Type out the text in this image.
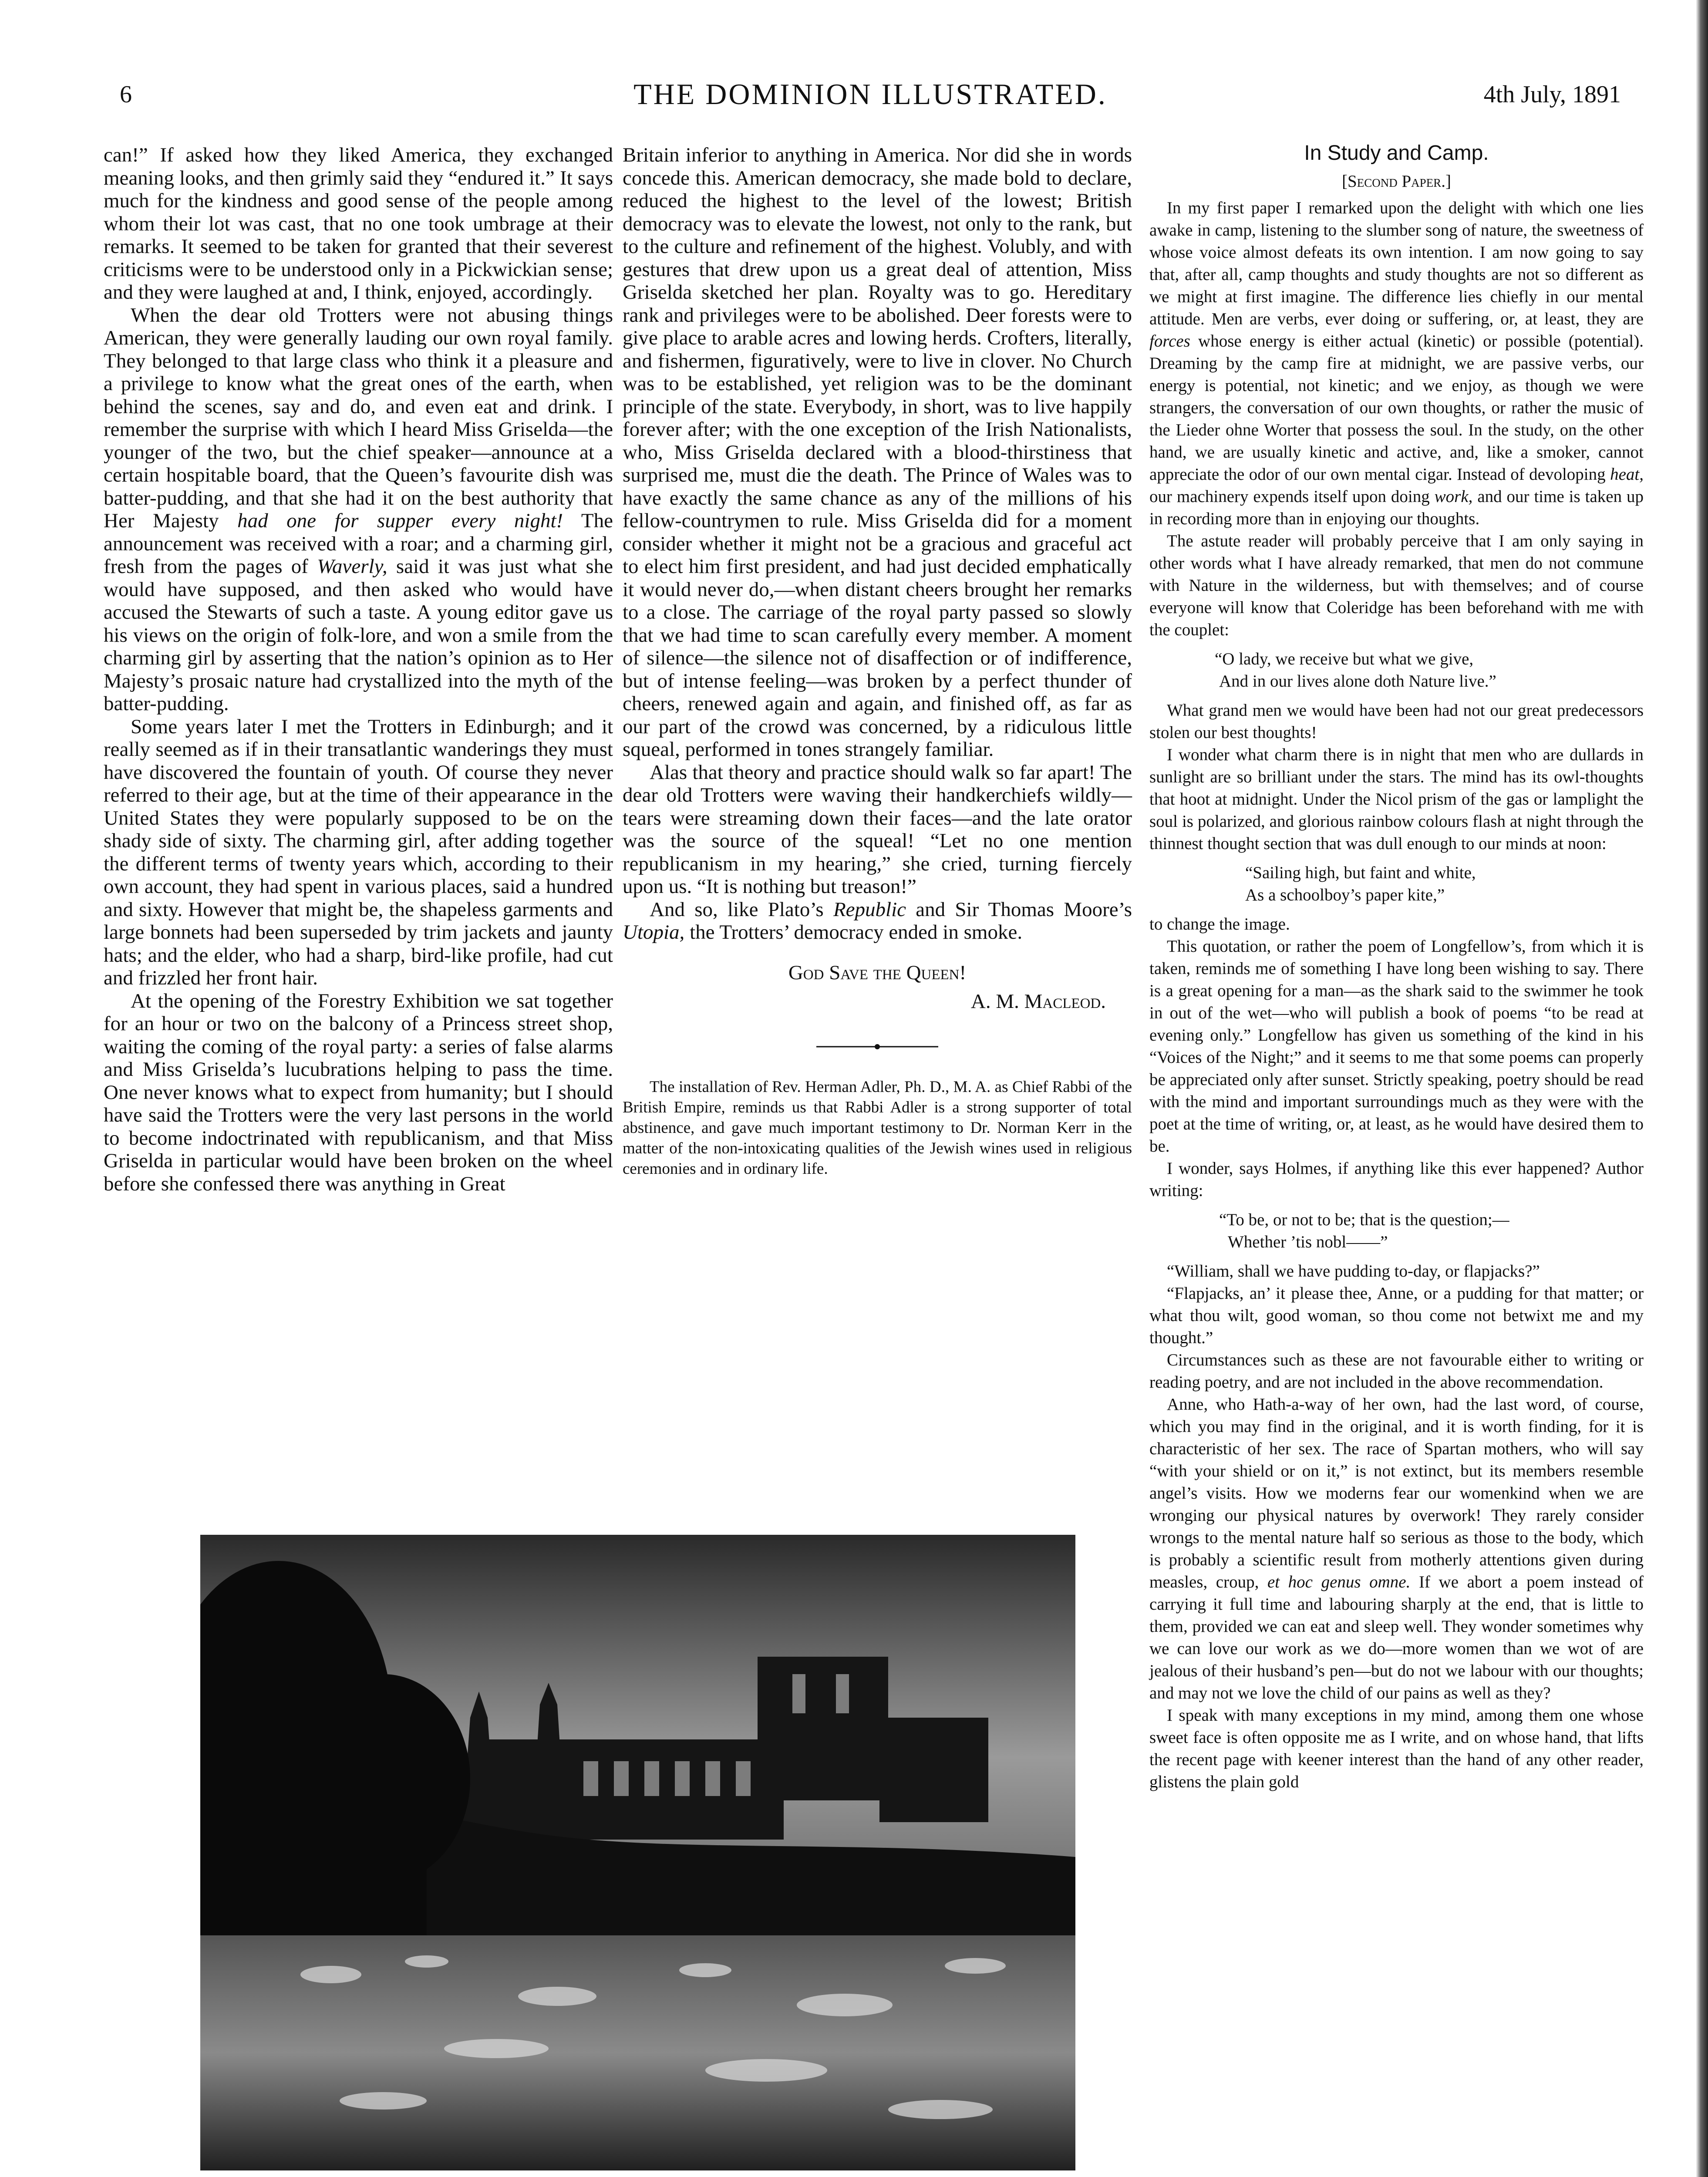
6	THE DOMINION ILLUSTRATED.	4th July, 1891

can!” If asked how they liked America, they exchanged meaning looks, and then grimly said they “endured it.” It says much for the kindness and good sense of the people among whom their lot was cast, that no one took umbrage at their remarks. It seemed to be taken for granted that their severest criticisms were to be understood only in a Pickwickian sense; and they were laughed at and, I think, enjoyed, accordingly.

When the dear old Trotters were not abusing things American, they were generally lauding our own royal family. They belonged to that large class who think it a pleasure and a privilege to know what the great ones of the earth, when behind the scenes, say and do, and even eat and drink. I remember the surprise with which I heard Miss Griselda—the younger of the two, but the chief speaker—announce at a certain hospitable board, that the Queen’s favourite dish was batter-pudding, and that she had it on the best authority that Her Majesty had one for supper every night! The announcement was received with a roar; and a charming girl, fresh from the pages of Waverly, said it was just what she would have supposed, and then asked who would have accused the Stewarts of such a taste. A young editor gave us his views on the origin of folk-lore, and won a smile from the charming girl by asserting that the nation’s opinion as to Her Majesty’s prosaic nature had crystallized into the myth of the batter-pudding.

Some years later I met the Trotters in Edinburgh; and it really seemed as if in their transatlantic wanderings they must have discovered the fountain of youth. Of course they never referred to their age, but at the time of their appearance in the United States they were popularly supposed to be on the shady side of sixty. The charming girl, after adding together the different terms of twenty years which, according to their own account, they had spent in various places, said a hundred and sixty. However that might be, the shapeless garments and large bonnets had been superseded by trim jackets and jaunty hats; and the elder, who had a sharp, bird-like profile, had cut and frizzled her front hair.

At the opening of the Forestry Exhibition we sat together for an hour or two on the balcony of a Princess street shop, waiting the coming of the royal party: a series of false alarms and Miss Griselda’s lucubrations helping to pass the time. One never knows what to expect from humanity; but I should have said the Trotters were the very last persons in the world to become indoctrinated with republicanism, and that Miss Griselda in particular would have been broken on the wheel before she confessed there was anything in Great

Britain inferior to anything in America. Nor did she in words concede this. American democracy, she made bold to declare, reduced the highest to the level of the lowest; British democracy was to elevate the lowest, not only to the rank, but to the culture and refinement of the highest. Volubly, and with gestures that drew upon us a great deal of attention, Miss Griselda sketched her plan. Royalty was to go. Hereditary rank and privileges were to be abolished. Deer forests were to give place to arable acres and lowing herds. Crofters, literally, and fishermen, figuratively, were to live in clover. No Church was to be established, yet religion was to be the dominant principle of the state. Everybody, in short, was to live happily forever after; with the one exception of the Irish Nationalists, who, Miss Griselda declared with a blood-thirstiness that surprised me, must die the death. The Prince of Wales was to have exactly the same chance as any of the millions of his fellow-countrymen to rule. Miss Griselda did for a moment consider whether it might not be a gracious and graceful act to elect him first president, and had just decided emphatically it would never do,—when distant cheers brought her remarks to a close. The carriage of the royal party passed so slowly that we had time to scan carefully every member. A moment of silence—the silence not of disaffection or of indifference, but of intense feeling—was broken by a perfect thunder of cheers, renewed again and again, and finished off, as far as our part of the crowd was concerned, by a ridiculous little squeal, performed in tones strangely familiar.

Alas that theory and practice should walk so far apart! The dear old Trotters were waving their handkerchiefs wildly—tears were streaming down their faces—and the late orator was the source of the squeal! “Let no one mention republicanism in my hearing,” she cried, turning fiercely upon us. “It is nothing but treason!”

And so, like Plato’s Republic and Sir Thomas Moore’s Utopia, the Trotters’ democracy ended in smoke.

God Save the Queen!

A. M. Macleod.

The installation of Rev. Herman Adler, Ph. D., M. A. as Chief Rabbi of the British Empire, reminds us that Rabbi Adler is a strong supporter of total abstinence, and gave much important testimony to Dr. Norman Kerr in the matter of the non-intoxicating qualities of the Jewish wines used in religious ceremonies and in ordinary life.

In Study and Camp.

[Second Paper.]

In my first paper I remarked upon the delight with which one lies awake in camp, listening to the slumber song of nature, the sweetness of whose voice almost defeats its own intention. I am now going to say that, after all, camp thoughts and study thoughts are not so different as we might at first imagine. The difference lies chiefly in our mental attitude. Men are verbs, ever doing or suffering, or, at least, they are forces whose energy is either actual (kinetic) or possible (potential). Dreaming by the camp fire at midnight, we are passive verbs, our energy is potential, not kinetic; and we enjoy, as though we were strangers, the conversation of our own thoughts, or rather the music of the Lieder ohne Worter that possess the soul. In the study, on the other hand, we are usually kinetic and active, and, like a smoker, cannot appreciate the odor of our own mental cigar. Instead of devoloping heat, our machinery expends itself upon doing work, and our time is taken up in recording more than in enjoying our thoughts.

The astute reader will probably perceive that I am only saying in other words what I have already remarked, that men do not commune with Nature in the wilderness, but with themselves; and of course everyone will know that Coleridge has been beforehand with me with the couplet:

“O lady, we receive but what we give,
And in our lives alone doth Nature live.”

What grand men we would have been had not our great predecessors stolen our best thoughts!

I wonder what charm there is in night that men who are dullards in sunlight are so brilliant under the stars. The mind has its owl-thoughts that hoot at midnight. Under the Nicol prism of the gas or lamplight the soul is polarized, and glorious rainbow colours flash at night through the thinnest thought section that was dull enough to our minds at noon:

“Sailing high, but faint and white,
As a schoolboy’s paper kite,”

to change the image.

This quotation, or rather the poem of Longfellow’s, from which it is taken, reminds me of something I have long been wishing to say. There is a great opening for a man—as the shark said to the swimmer he took in out of the wet—who will publish a book of poems “to be read at evening only.” Longfellow has given us something of the kind in his “Voices of the Night;” and it seems to me that some poems can properly be appreciated only after sunset. Strictly speaking, poetry should be read with the mind and important surroundings much as they were with the poet at the time of writing, or, at least, as he would have desired them to be.

I wonder, says Holmes, if anything like this ever happened? Author writing:

“To be, or not to be; that is the question;—
Whether ’tis nobl——”

“William, shall we have pudding to-day, or flapjacks?”

“Flapjacks, an’ it please thee, Anne, or a pudding for that matter; or what thou wilt, good woman, so thou come not betwixt me and my thought.”

Circumstances such as these are not favourable either to writing or reading poetry, and are not included in the above recommendation.

Anne, who Hath-a-way of her own, had the last word, of course, which you may find in the original, and it is worth finding, for it is characteristic of her sex. The race of Spartan mothers, who will say “with your shield or on it,” is not extinct, but its members resemble angel’s visits. How we moderns fear our womenkind when we are wronging our physical natures by overwork! They rarely consider wrongs to the mental nature half so serious as those to the body, which is probably a scientific result from motherly attentions given during measles, croup, et hoc genus omne. If we abort a poem instead of carrying it full time and labouring sharply at the end, that is little to them, provided we can eat and sleep well. They wonder sometimes why we can love our work as we do—more women than we wot of are jealous of their husband’s pen—but do not we labour with our thoughts; and may not we love the child of our pains as well as they?

I speak with many exceptions in my mind, among them one whose sweet face is often opposite me as I write, and on whose hand, that lifts the recent page with keener interest than the hand of any other reader, glistens the plain gold
